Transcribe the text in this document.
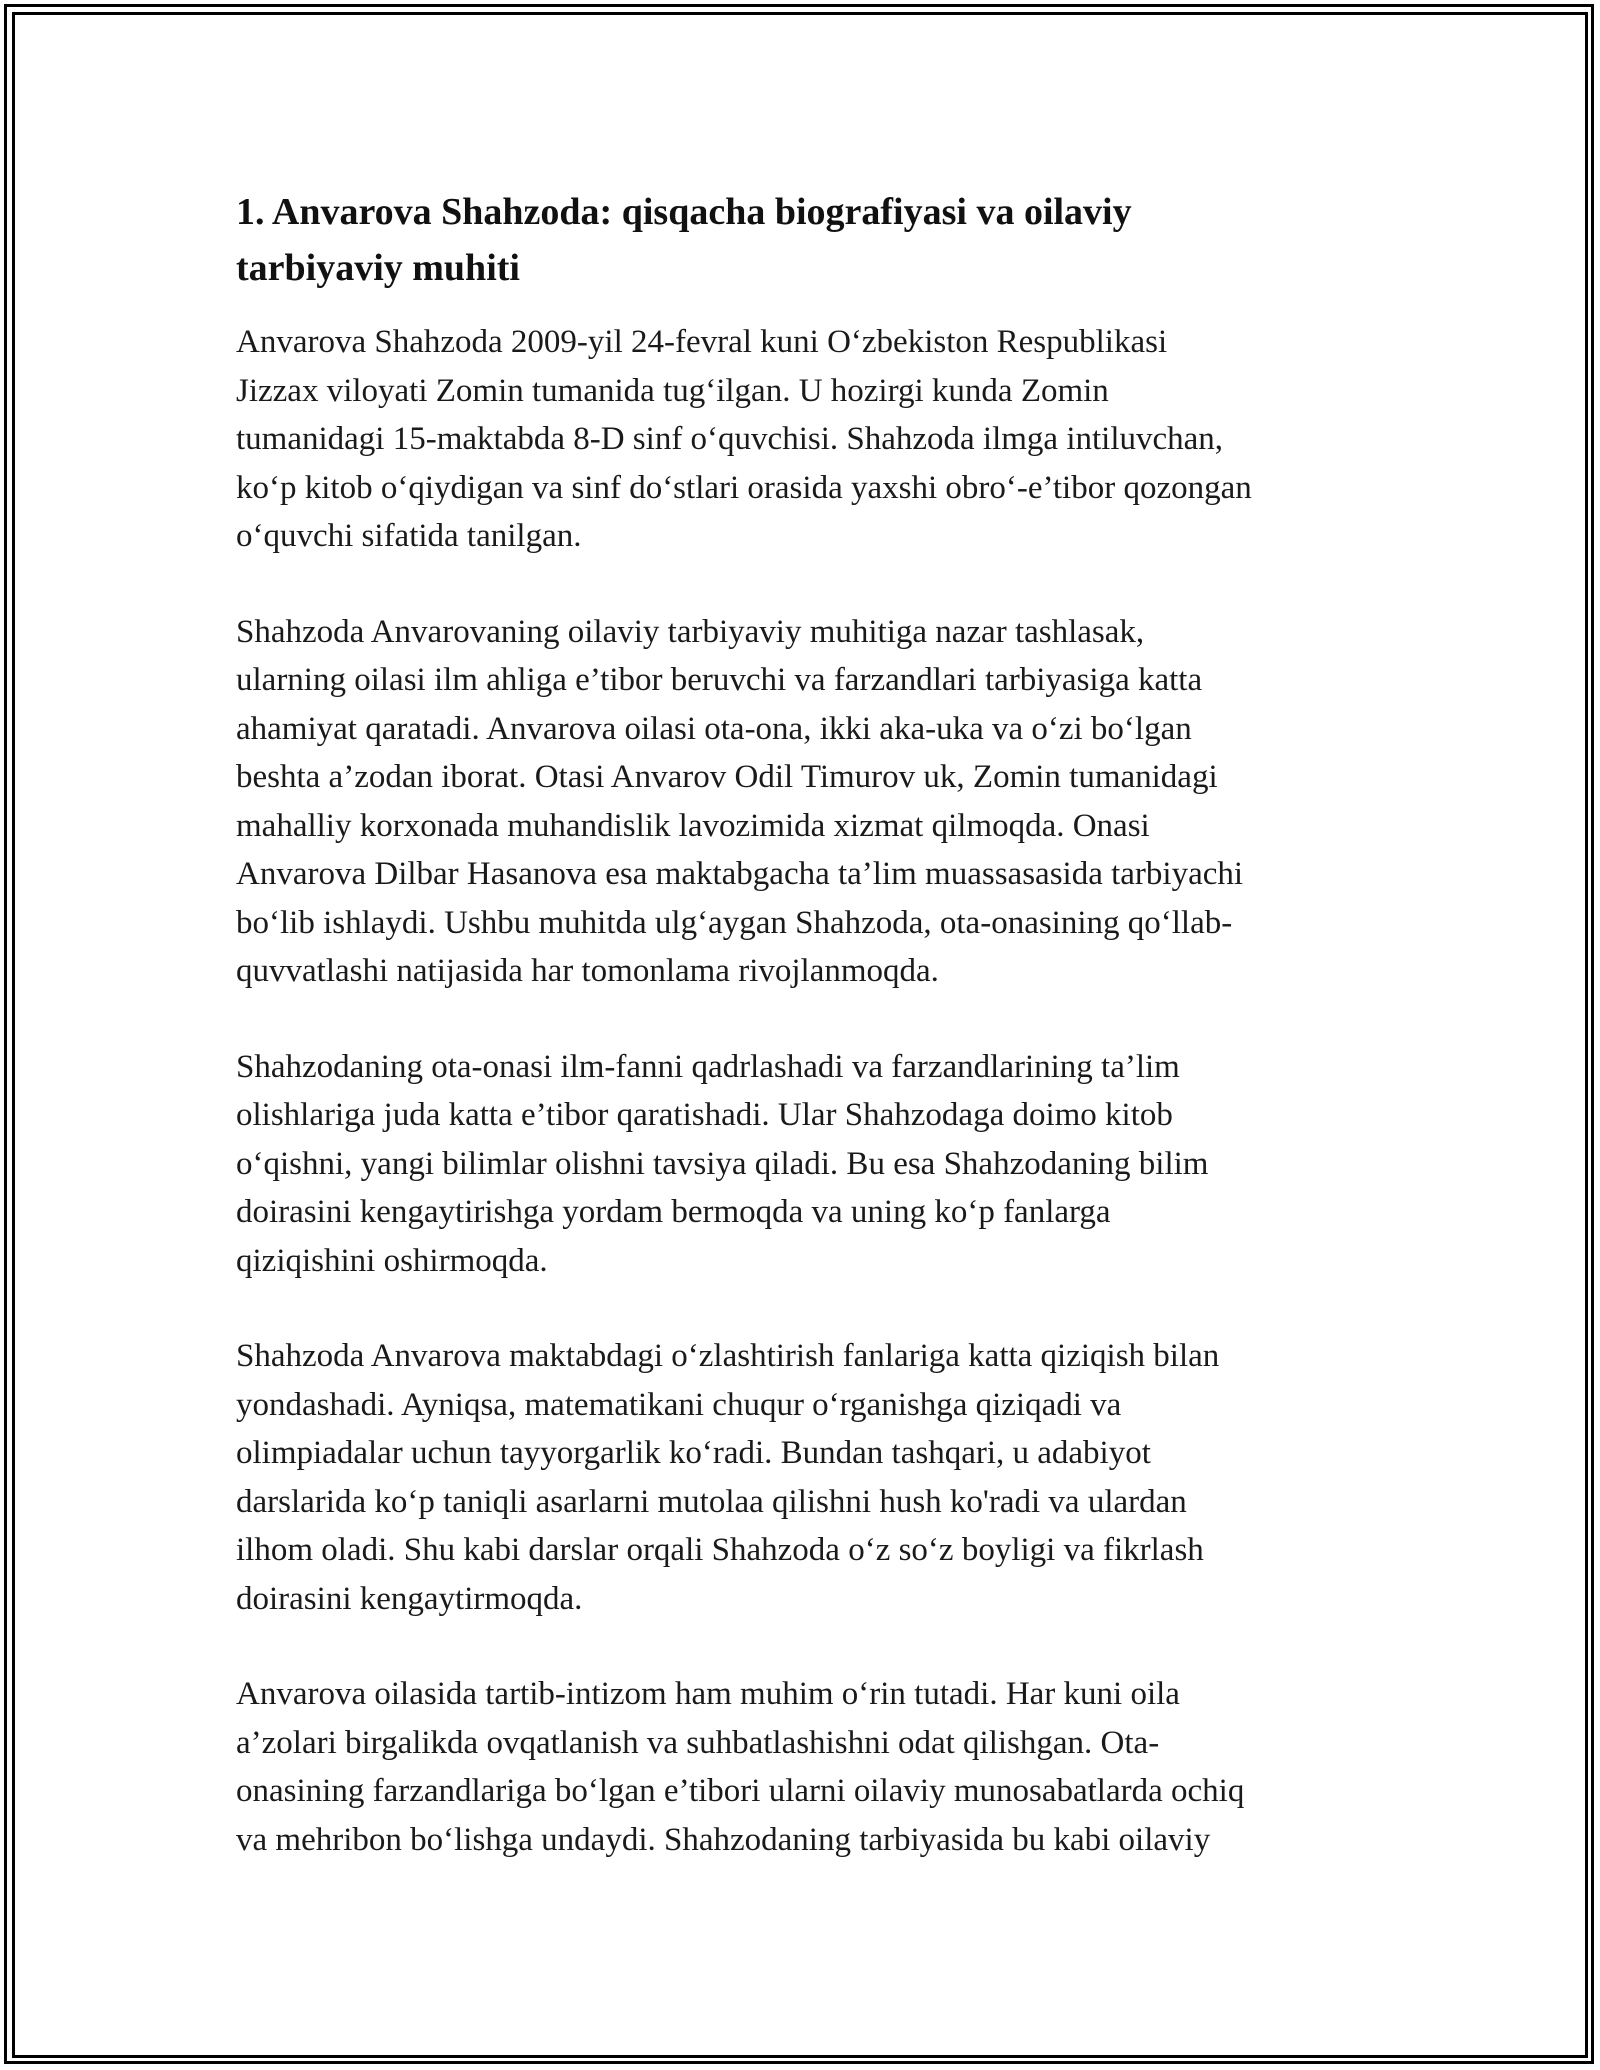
1. Anvarova Shahzoda: qisqacha biografiyasi va oilaviy
tarbiyaviy muhiti
Anvarova Shahzoda 2009-yil 24-fevral kuni O‘zbekiston Respublikasi
Jizzax viloyati Zomin tumanida tug‘ilgan. U hozirgi kunda Zomin
tumanidagi 15-maktabda 8-D sinf o‘quvchisi. Shahzoda ilmga intiluvchan,
ko‘p kitob o‘qiydigan va sinf do‘stlari orasida yaxshi obro‘-e’tibor qozongan
o‘quvchi sifatida tanilgan.
Shahzoda Anvarovaning oilaviy tarbiyaviy muhitiga nazar tashlasak,
ularning oilasi ilm ahliga e’tibor beruvchi va farzandlari tarbiyasiga katta
ahamiyat qaratadi. Anvarova oilasi ota-ona, ikki aka-uka va o‘zi bo‘lgan
beshta a’zodan iborat. Otasi Anvarov Odil Timurov uk, Zomin tumanidagi
mahalliy korxonada muhandislik lavozimida xizmat qilmoqda. Onasi
Anvarova Dilbar Hasanova esa maktabgacha ta’lim muassasasida tarbiyachi
bo‘lib ishlaydi. Ushbu muhitda ulg‘aygan Shahzoda, ota-onasining qo‘llab-
quvvatlashi natijasida har tomonlama rivojlanmoqda.
Shahzodaning ota-onasi ilm-fanni qadrlashadi va farzandlarining ta’lim
olishlariga juda katta e’tibor qaratishadi. Ular Shahzodaga doimo kitob
o‘qishni, yangi bilimlar olishni tavsiya qiladi. Bu esa Shahzodaning bilim
doirasini kengaytirishga yordam bermoqda va uning ko‘p fanlarga
qiziqishini oshirmoqda.
Shahzoda Anvarova maktabdagi o‘zlashtirish fanlariga katta qiziqish bilan
yondashadi. Ayniqsa, matematikani chuqur o‘rganishga qiziqadi va
olimpiadalar uchun tayyorgarlik ko‘radi. Bundan tashqari, u adabiyot
darslarida ko‘p taniqli asarlarni mutolaa qilishni hush ko'radi va ulardan
ilhom oladi. Shu kabi darslar orqali Shahzoda o‘z so‘z boyligi va fikrlash
doirasini kengaytirmoqda.
Anvarova oilasida tartib-intizom ham muhim o‘rin tutadi. Har kuni oila
a’zolari birgalikda ovqatlanish va suhbatlashishni odat qilishgan. Ota-
onasining farzandlariga bo‘lgan e’tibori ularni oilaviy munosabatlarda ochiq
va mehribon bo‘lishga undaydi. Shahzodaning tarbiyasida bu kabi oilaviy
